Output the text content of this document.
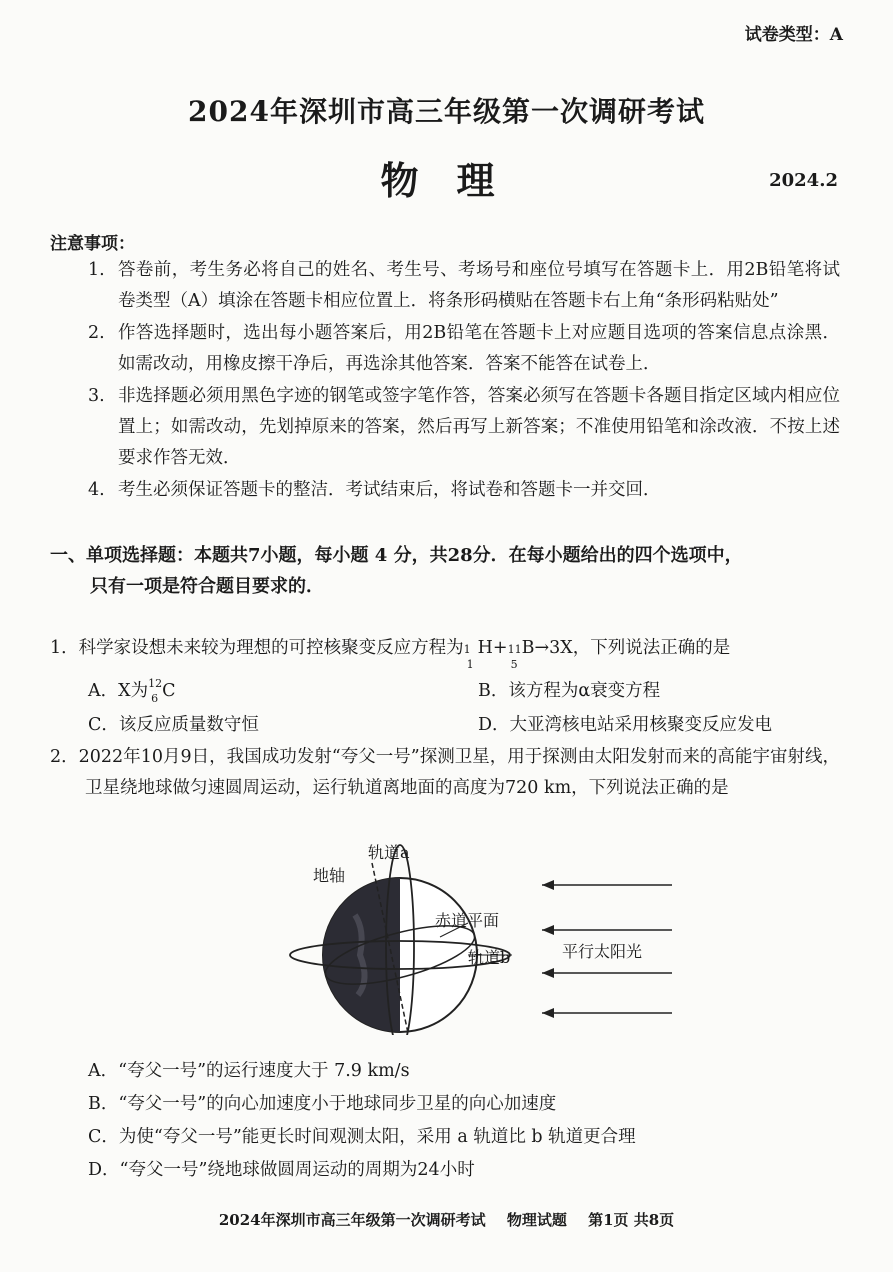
试卷类型：A
2024年深圳市高三年级第一次调研考试
物理	2024.2
注意事项：
1. 答卷前，考生务必将自己的姓名、考生号、考场号和座位号填写在答题卡上．用2B铅笔将试卷类型（A）填涂在答题卡相应位置上．将条形码横贴在答题卡右上角“条形码粘贴处”
2. 作答选择题时，选出每小题答案后，用2B铅笔在答题卡上对应题目选项的答案信息点涂黑．如需改动，用橡皮擦干净后，再选涂其他答案．答案不能答在试卷上．
3. 非选择题必须用黑色字迹的钢笔或签字笔作答，答案必须写在答题卡各题目指定区域内相应位置上；如需改动，先划掉原来的答案，然后再写上新答案；不准使用铅笔和涂改液．不按上述要求作答无效．
4. 考生必须保证答题卡的整洁．考试结束后，将试卷和答题卡一并交回．
一、单项选择题：本题共7小题，每小题 4 分，共28分．在每小题给出的四个选项中，
只有一项是符合题目要求的．
1．科学家设想未来较为理想的可控核聚变反应方程为 1
1
H+ 11
5
B→3X，下列说法正确的是
A．X为 12
6 C	B．该方程为α衰变方程
C．该反应质量数守恒	D．大亚湾核电站采用核聚变反应发电
2．2022年10月9日，我国成功发射“夸父一号”探测卫星，用于探测由太阳发射而来的高能宇宙射线，卫星绕地球做匀速圆周运动，运行轨道离地面的高度为720 km，下列说法正确的是
轨道a
地轴
赤道平面
轨道b	平行太阳光
A．“夸父一号”的运行速度大于 7.9 km/s
B．“夸父一号”的向心加速度小于地球同步卫星的向心加速度
C．为使“夸父一号”能更长时间观测太阳，采用 a 轨道比 b 轨道更合理
D．“夸父一号”绕地球做圆周运动的周期为24小时
2024年深圳市高三年级第一次调研考试 物理试题 第1页 共8页
